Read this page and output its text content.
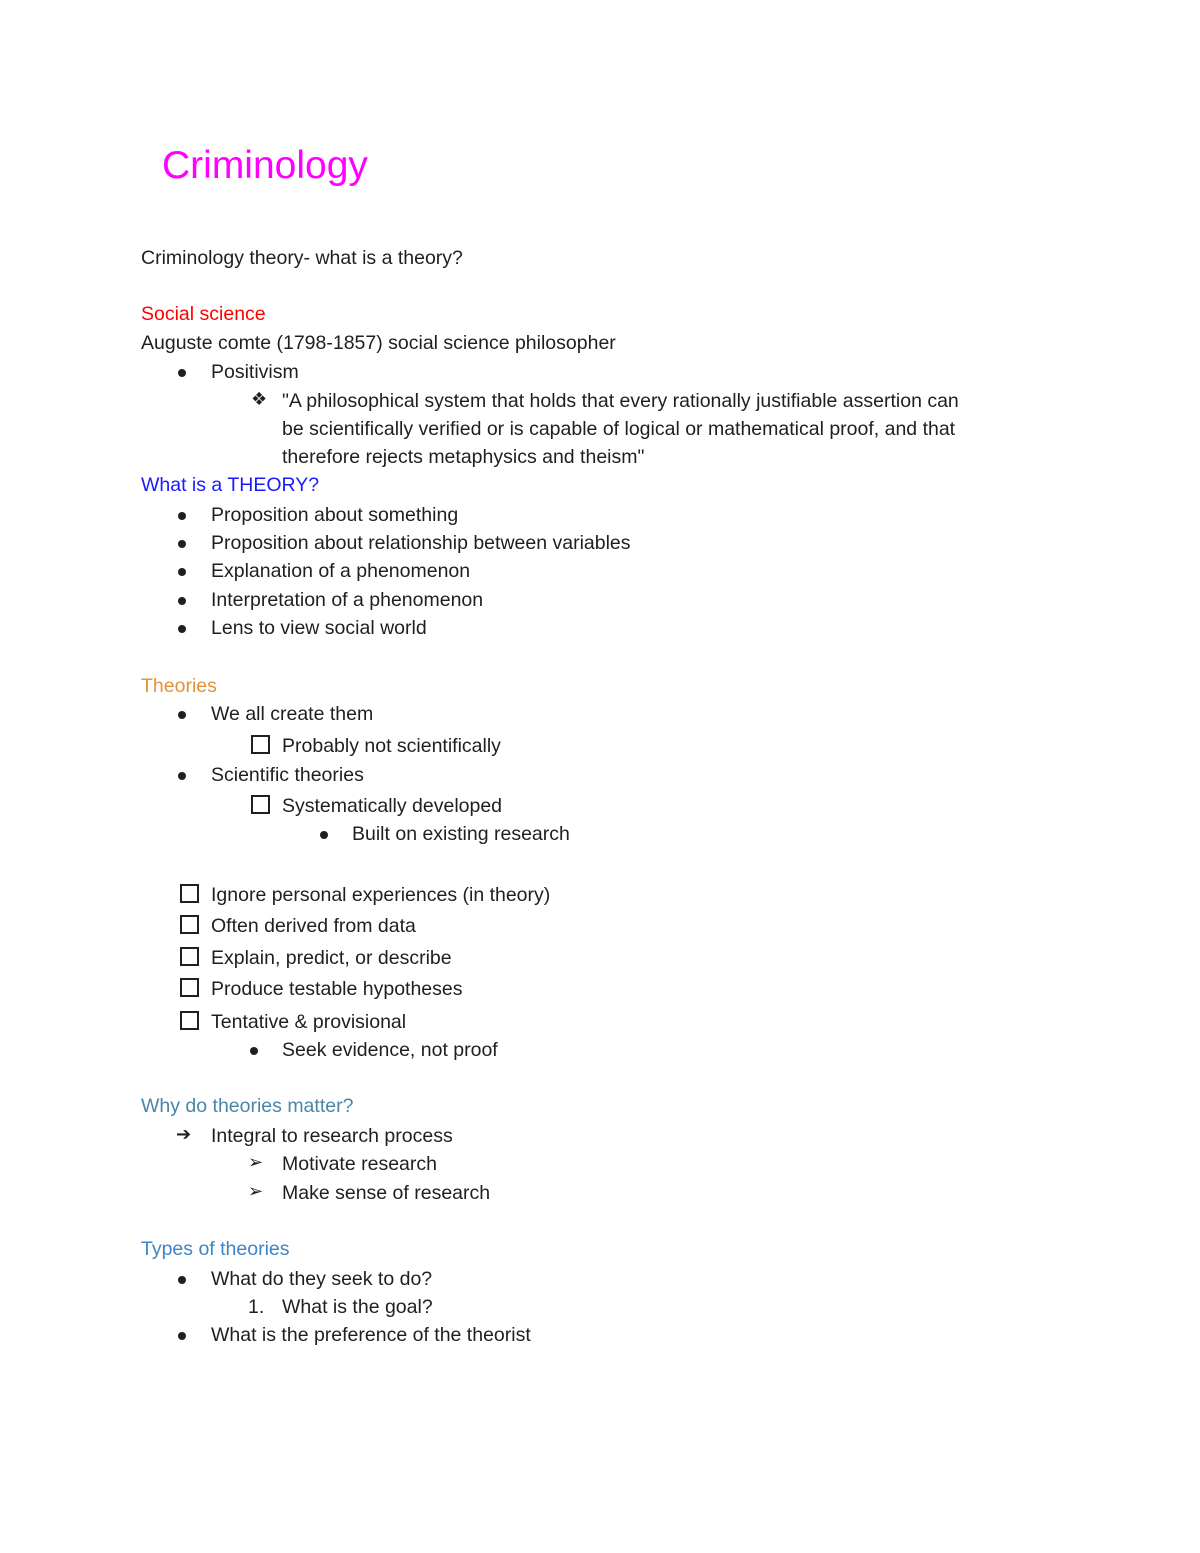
Criminology
Criminology theory- what is a theory?
Social science
Auguste comte (1798-1857) social science philosopher
Positivism
❖ "A philosophical system that holds that every rationally justifiable assertion can
be scientifically verified or is capable of logical or mathematical proof, and that
therefore rejects metaphysics and theism"
What is a THEORY?
Proposition about something
Proposition about relationship between variables
Explanation of a phenomenon
Interpretation of a phenomenon
Lens to view social world
Theories
We all create them
Probably not scientifically
Scientific theories
Systematically developed
Built on existing research
Ignore personal experiences (in theory)
Often derived from data
Explain, predict, or describe
Produce testable hypotheses
Tentative & provisional
Seek evidence, not proof
Why do theories matter?
➔ Integral to research process
➢ Motivate research
➢ Make sense of research
Types of theories
What do they seek to do?
1. What is the goal?
What is the preference of the theorist
